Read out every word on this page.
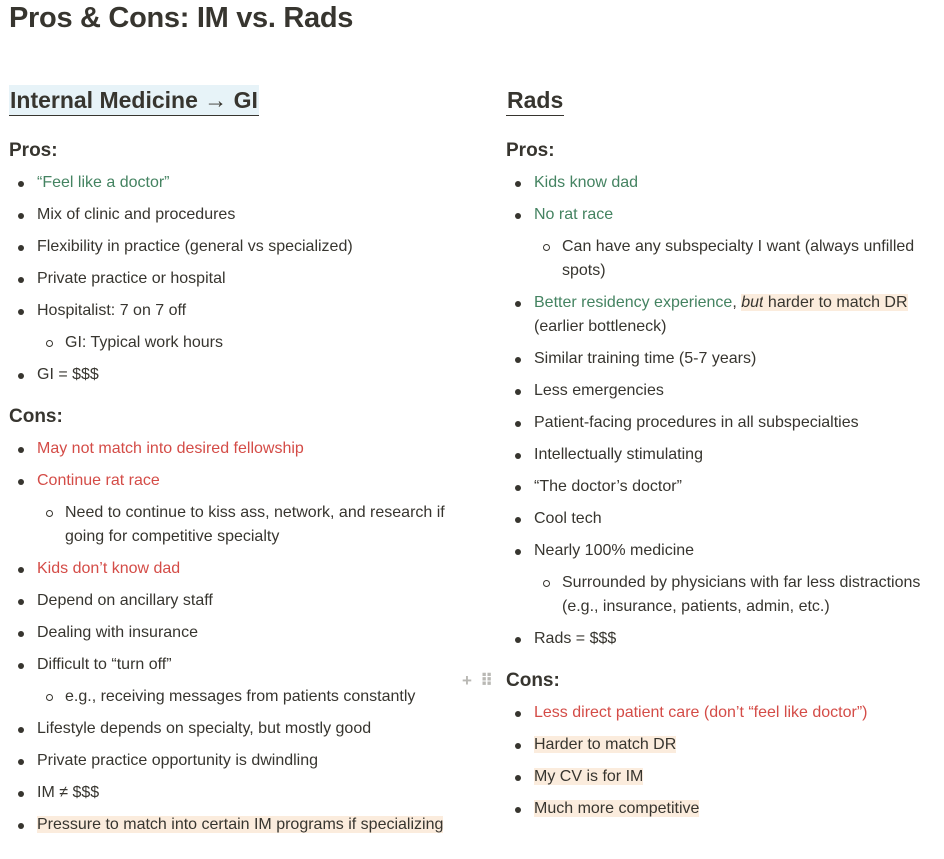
Pros & Cons: IM vs. Rads
Internal Medicine → GI
Pros:
“Feel like a doctor”
Mix of clinic and procedures
Flexibility in practice (general vs specialized)
Private practice or hospital
Hospitalist: 7 on 7 off
GI: Typical work hours
GI = $$$
Cons:
May not match into desired fellowship
Continue rat race
Need to continue to kiss ass, network, and research if going for competitive specialty
Kids don’t know dad
Depend on ancillary staff
Dealing with insurance
Difficult to “turn off”
e.g., receiving messages from patients constantly
Lifestyle depends on specialty, but mostly good
Private practice opportunity is dwindling
IM ≠ $$$
Pressure to match into certain IM programs if specializing
Rads
Pros:
Kids know dad
No rat race
Can have any subspecialty I want (always unfilled spots)
Better residency experience, but harder to match DR (earlier bottleneck)
Similar training time (5-7 years)
Less emergencies
Patient-facing procedures in all subspecialties
Intellectually stimulating
“The doctor’s doctor”
Cool tech
Nearly 100% medicine
Surrounded by physicians with far less distractions (e.g., insurance, patients, admin, etc.)
Rads = $$$
+ ⠿ Cons:
Less direct patient care (don’t “feel like doctor”)
Harder to match DR
My CV is for IM
Much more competitive
